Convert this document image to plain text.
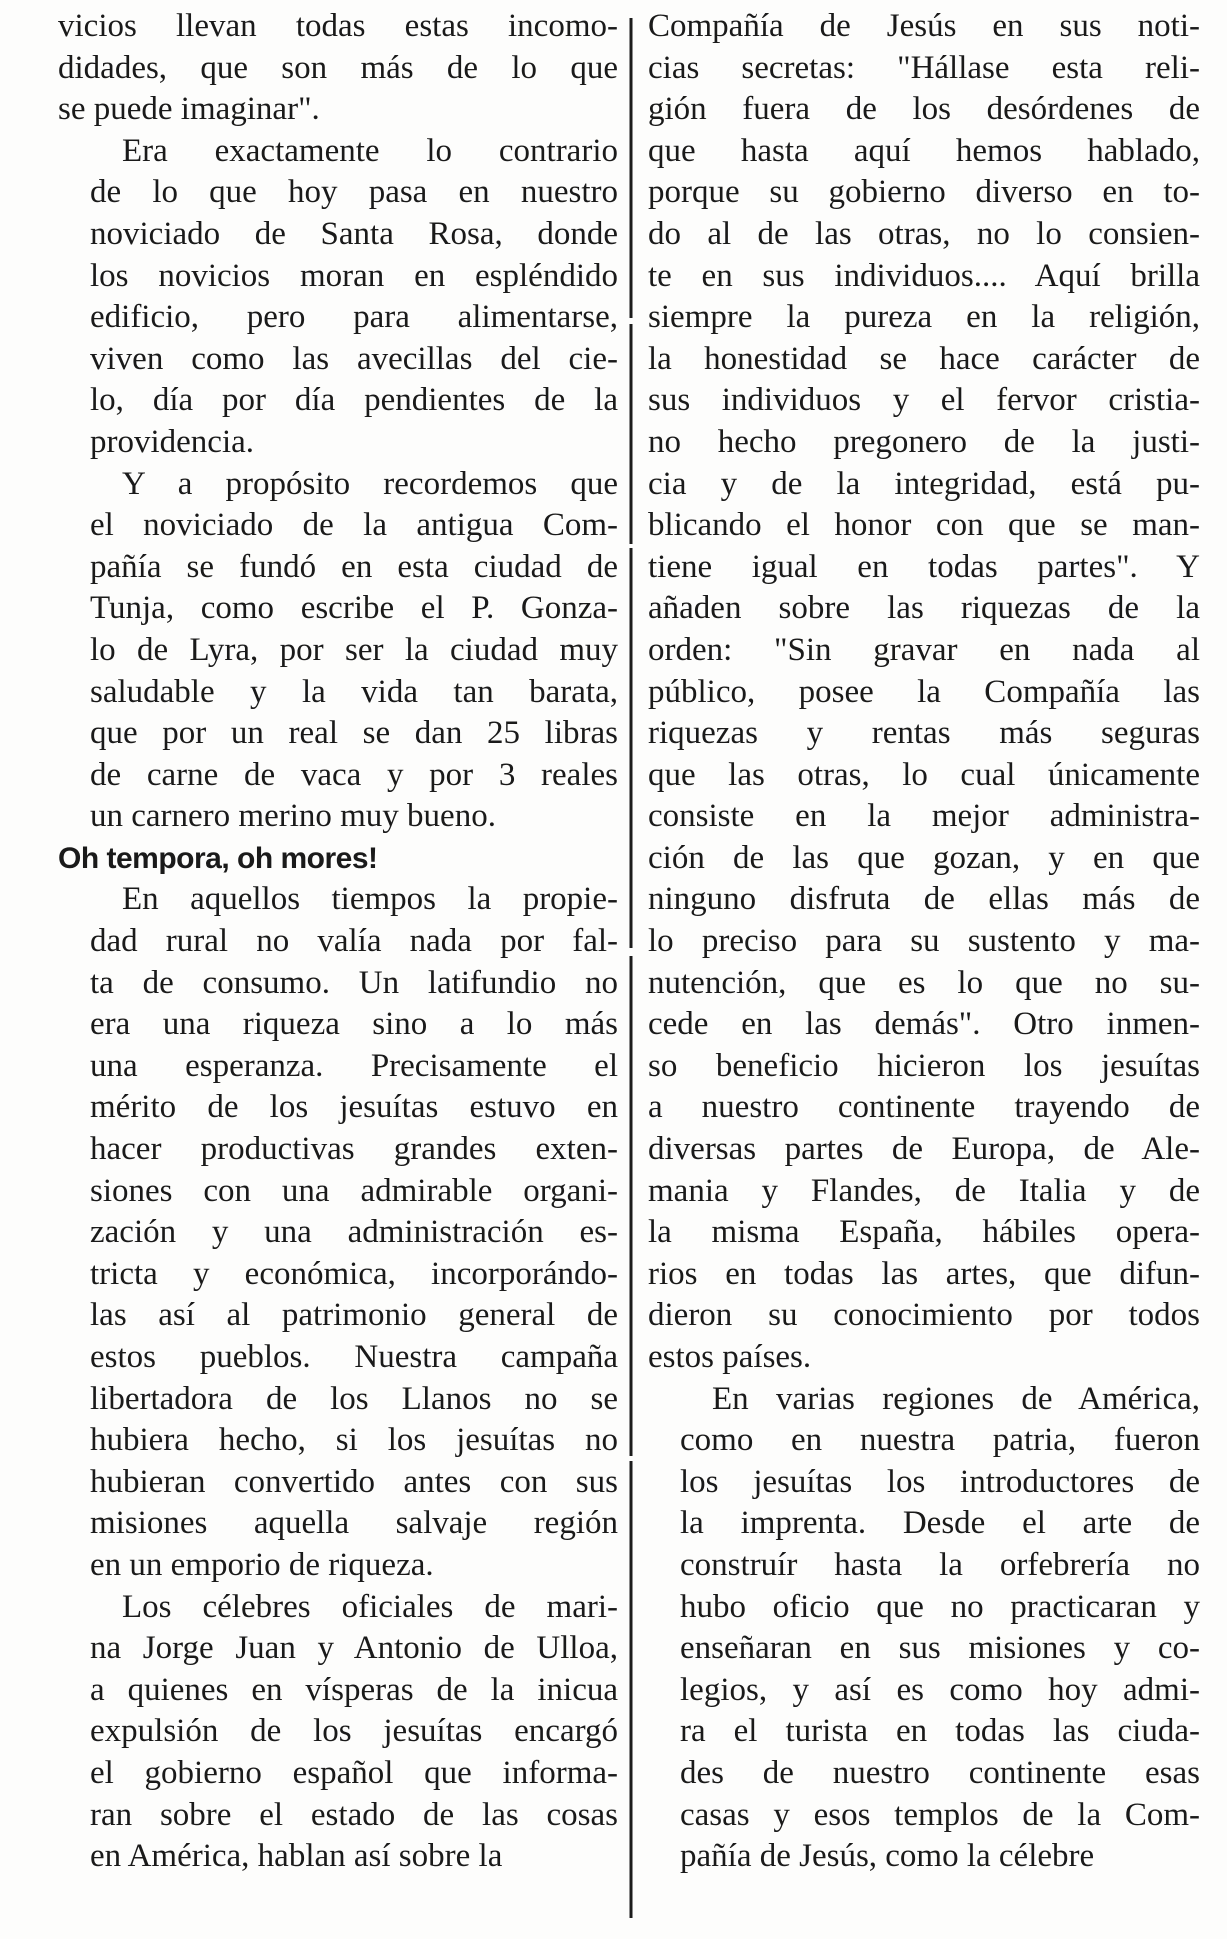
vicios llevan todas estas incomo-
didades, que son más de lo que
se puede imaginar".
Era exactamente lo contrario
de lo que hoy pasa en nuestro
noviciado de Santa Rosa, donde
los novicios moran en espléndido
edificio, pero para alimentarse,
viven como las avecillas del cie-
lo, día por día pendientes de la
providencia.
Y a propósito recordemos que
el noviciado de la antigua Com-
pañía se fundó en esta ciudad de
Tunja, como escribe el P. Gonza-
lo de Lyra, por ser la ciudad muy
saludable y la vida tan barata,
que por un real se dan 25 libras
de carne de vaca y por 3 reales
un carnero merino muy bueno.
Oh tempora, oh mores!
En aquellos tiempos la propie-
dad rural no valía nada por fal-
ta de consumo. Un latifundio no
era una riqueza sino a lo más
una esperanza. Precisamente el
mérito de los jesuítas estuvo en
hacer productivas grandes exten-
siones con una admirable organi-
zación y una administración es-
tricta y económica, incorporándo-
las así al patrimonio general de
estos pueblos. Nuestra campaña
libertadora de los Llanos no se
hubiera hecho, si los jesuítas no
hubieran convertido antes con sus
misiones aquella salvaje región
en un emporio de riqueza.
Los célebres oficiales de mari-
na Jorge Juan y Antonio de Ulloa,
a quienes en vísperas de la inicua
expulsión de los jesuítas encargó
el gobierno español que informa-
ran sobre el estado de las cosas
en América, hablan así sobre la
Compañía de Jesús en sus noti-
cias secretas: "Hállase esta reli-
gión fuera de los desórdenes de
que hasta aquí hemos hablado,
porque su gobierno diverso en to-
do al de las otras, no lo consien-
te en sus individuos.... Aquí brilla
siempre la pureza en la religión,
la honestidad se hace carácter de
sus individuos y el fervor cristia-
no hecho pregonero de la justi-
cia y de la integridad, está pu-
blicando el honor con que se man-
tiene igual en todas partes". Y
añaden sobre las riquezas de la
orden: "Sin gravar en nada al
público, posee la Compañía las
riquezas y rentas más seguras
que las otras, lo cual únicamente
consiste en la mejor administra-
ción de las que gozan, y en que
ninguno disfruta de ellas más de
lo preciso para su sustento y ma-
nutención, que es lo que no su-
cede en las demás". Otro inmen-
so beneficio hicieron los jesuítas
a nuestro continente trayendo de
diversas partes de Europa, de Ale-
mania y Flandes, de Italia y de
la misma España, hábiles opera-
rios en todas las artes, que difun-
dieron su conocimiento por todos
estos países.
En varias regiones de América,
como en nuestra patria, fueron
los jesuítas los introductores de
la imprenta. Desde el arte de
construír hasta la orfebrería no
hubo oficio que no practicaran y
enseñaran en sus misiones y co-
legios, y así es como hoy admi-
ra el turista en todas las ciuda-
des de nuestro continente esas
casas y esos templos de la Com-
pañía de Jesús, como la célebre
